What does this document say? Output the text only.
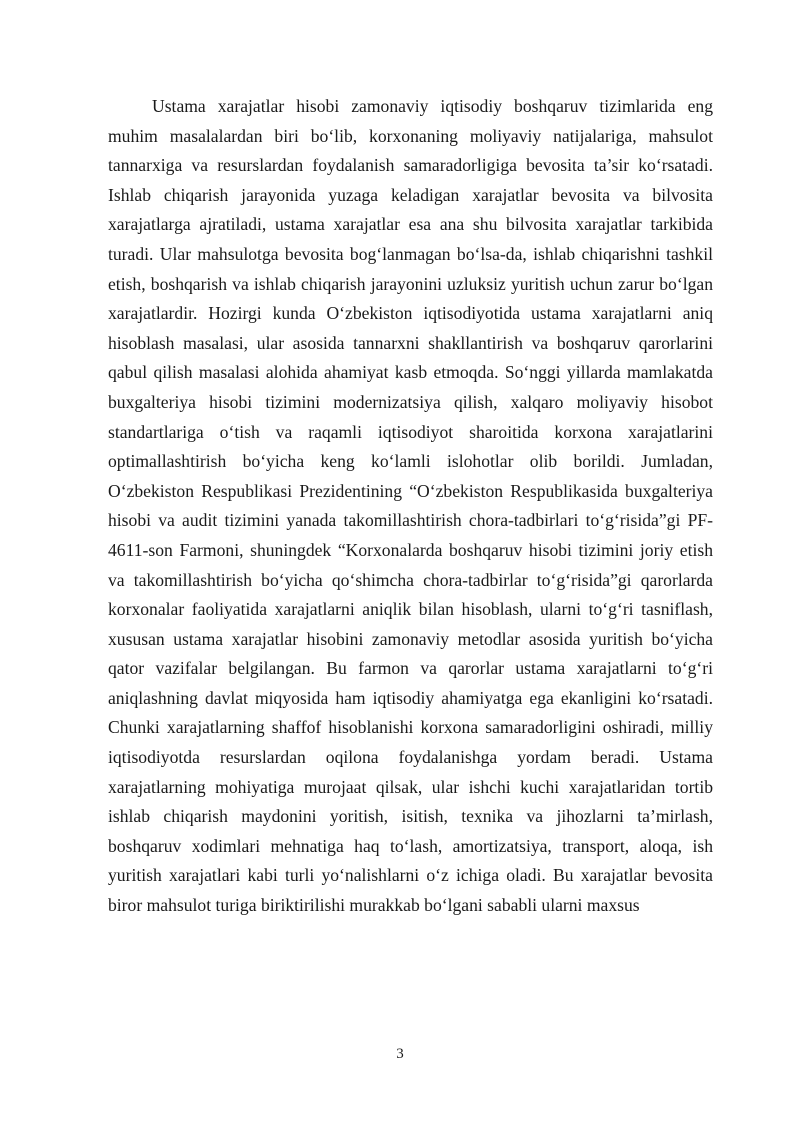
Ustama xarajatlar hisobi zamonaviy iqtisodiy boshqaruv tizimlarida eng muhim masalalardan biri bo‘lib, korxonaning moliyaviy natijalariga, mahsulot tannarxiga va resurslardan foydalanish samaradorligiga bevosita ta’sir ko‘rsatadi. Ishlab chiqarish jarayonida yuzaga keladigan xarajatlar bevosita va bilvosita xarajatlarga ajratiladi, ustama xarajatlar esa ana shu bilvosita xarajatlar tarkibida turadi. Ular mahsulotga bevosita bog‘lanmagan bo‘lsa-da, ishlab chiqarishni tashkil etish, boshqarish va ishlab chiqarish jarayonini uzluksiz yuritish uchun zarur bo‘lgan xarajatlardir. Hozirgi kunda O‘zbekiston iqtisodiyotida ustama xarajatlarni aniq hisoblash masalasi, ular asosida tannarxni shakllantirish va boshqaruv qarorlarini qabul qilish masalasi alohida ahamiyat kasb etmoqda. So‘nggi yillarda mamlakatda buxgalteriya hisobi tizimini modernizatsiya qilish, xalqaro moliyaviy hisobot standartlariga o‘tish va raqamli iqtisodiyot sharoitida korxona xarajatlarini optimallashtirish bo‘yicha keng ko‘lamli islohotlar olib borildi. Jumladan, O‘zbekiston Respublikasi Prezidentining “O‘zbekiston Respublikasida buxgalteriya hisobi va audit tizimini yanada takomillashtirish chora-tadbirlari to‘g‘risida”gi PF-4611-son Farmoni, shuningdek “Korxonalarda boshqaruv hisobi tizimini joriy etish va takomillashtirish bo‘yicha qo‘shimcha chora-tadbirlar to‘g‘risida”gi qarorlarda korxonalar faoliyatida xarajatlarni aniqlik bilan hisoblash, ularni to‘g‘ri tasniflash, xususan ustama xarajatlar hisobini zamonaviy metodlar asosida yuritish bo‘yicha qator vazifalar belgilangan. Bu farmon va qarorlar ustama xarajatlarni to‘g‘ri aniqlashning davlat miqyosida ham iqtisodiy ahamiyatga ega ekanligini ko‘rsatadi. Chunki xarajatlarning shaffof hisoblanishi korxona samaradorligini oshiradi, milliy iqtisodiyotda resurslardan oqilona foydalanishga yordam beradi. Ustama xarajatlarning mohiyatiga murojaat qilsak, ular ishchi kuchi xarajatlaridan tortib ishlab chiqarish maydonini yoritish, isitish, texnika va jihozlarni ta’mirlash, boshqaruv xodimlari mehnatiga haq to‘lash, amortizatsiya, transport, aloqa, ish yuritish xarajatlari kabi turli yo‘nalishlarni o‘z ichiga oladi. Bu xarajatlar bevosita biror mahsulot turiga biriktirilishi murakkab bo‘lgani sababli ularni maxsus

3
